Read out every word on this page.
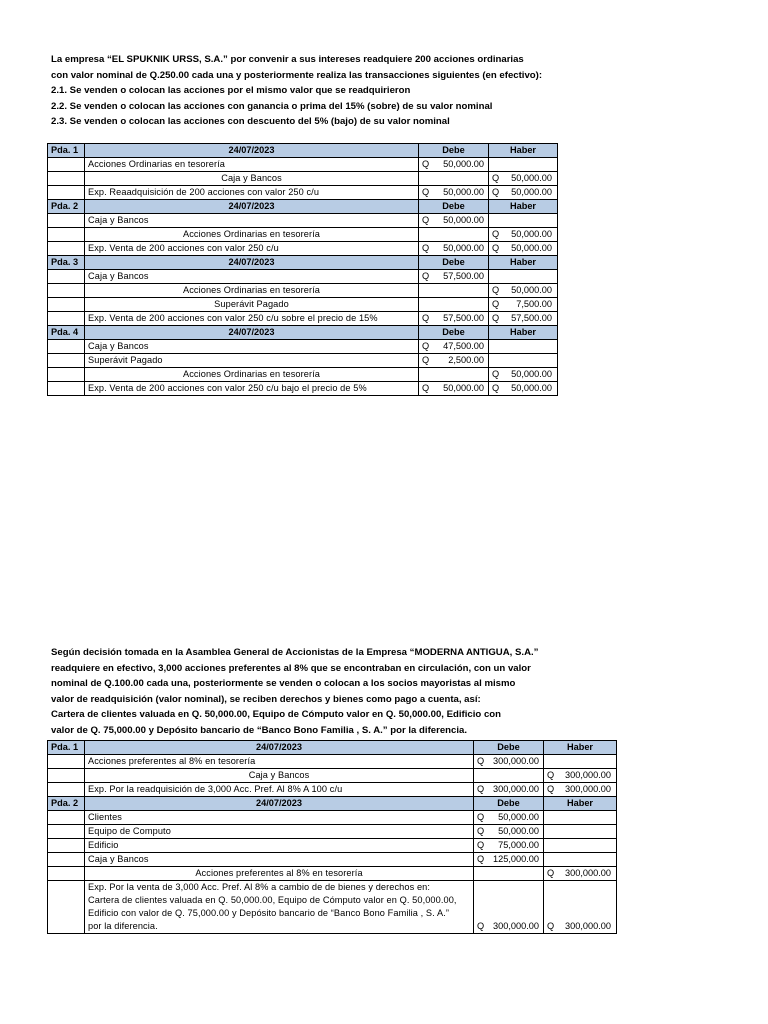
La empresa “EL SPUKNIK URSS, S.A.” por convenir a sus intereses readquiere 200 acciones ordinarias
con valor nominal de Q.250.00 cada una y posteriormente realiza las transacciones siguientes (en efectivo):
2.1. Se venden o colocan las acciones por el mismo valor que se readquirieron
2.2. Se venden o colocan las acciones con ganancia o prima del 15% (sobre) de su valor nominal
2.3. Se venden o colocan las acciones con descuento del 5% (bajo) de su valor nominal
Pda. 1	24/07/2023	Debe	Haber
	Acciones Ordinarias en tesorería	Q 50,000.00	
	Caja y Bancos		Q 50,000.00
	Exp. Reaadquisición de 200 acciones con valor 250 c/u	Q 50,000.00	Q 50,000.00
Pda. 2	24/07/2023	Debe	Haber
	Caja y Bancos	Q 50,000.00	
	Acciones Ordinarias en tesorería		Q 50,000.00
	Exp. Venta de 200 acciones con valor 250 c/u	Q 50,000.00	Q 50,000.00
Pda. 3	24/07/2023	Debe	Haber
	Caja y Bancos	Q 57,500.00	
	Acciones Ordinarias en tesorería		Q 50,000.00
	Superávit Pagado		Q 7,500.00
	Exp. Venta de 200 acciones con valor 250 c/u sobre el precio de 15%	Q 57,500.00	Q 57,500.00
Pda. 4	24/07/2023	Debe	Haber
	Caja y Bancos	Q 47,500.00	
	Superávit Pagado	Q 2,500.00	
	Acciones Ordinarias en tesorería		Q 50,000.00
	Exp. Venta de 200 acciones con valor 250 c/u bajo el precio de 5%	Q 50,000.00	Q 50,000.00
Según decisión tomada en la Asamblea General de Accionistas de la Empresa “MODERNA ANTIGUA, S.A.”
readquiere en efectivo, 3,000 acciones preferentes al 8% que se encontraban en circulación, con un valor
nominal de Q.100.00 cada una, posteriormente se venden o colocan a los socios mayoristas al mismo
valor de readquisición (valor nominal), se reciben derechos y bienes como pago a cuenta, así:
Cartera de clientes valuada en Q. 50,000.00, Equipo de Cómputo valor en Q. 50,000.00, Edificio con
valor de Q. 75,000.00 y Depósito bancario de “Banco Bono Familia , S. A.” por la diferencia.
Pda. 1	24/07/2023	Debe	Haber
	Acciones preferentes al 8% en tesorería	Q 300,000.00	
	Caja y Bancos		Q 300,000.00
	Exp. Por la readquisición de 3,000 Acc. Pref. Al 8% A 100 c/u	Q 300,000.00	Q 300,000.00
Pda. 2	24/07/2023	Debe	Haber
	Clientes	Q 50,000.00	
	Equipo de Computo	Q 50,000.00	
	Edificio	Q 75,000.00	
	Caja y Bancos	Q 125,000.00	
	Acciones preferentes al 8% en tesorería		Q 300,000.00

	Exp. Por la venta de 3,000 Acc. Pref. Al 8% a cambio de de bienes y derechos en:
Cartera de clientes valuada en Q. 50,000.00, Equipo de Cómputo valor en Q. 50,000.00,
Edificio con valor de Q. 75,000.00 y Depósito bancario de “Banco Bono Familia , S. A.”
por la diferencia.	Q 300,000.00	Q 300,000.00
